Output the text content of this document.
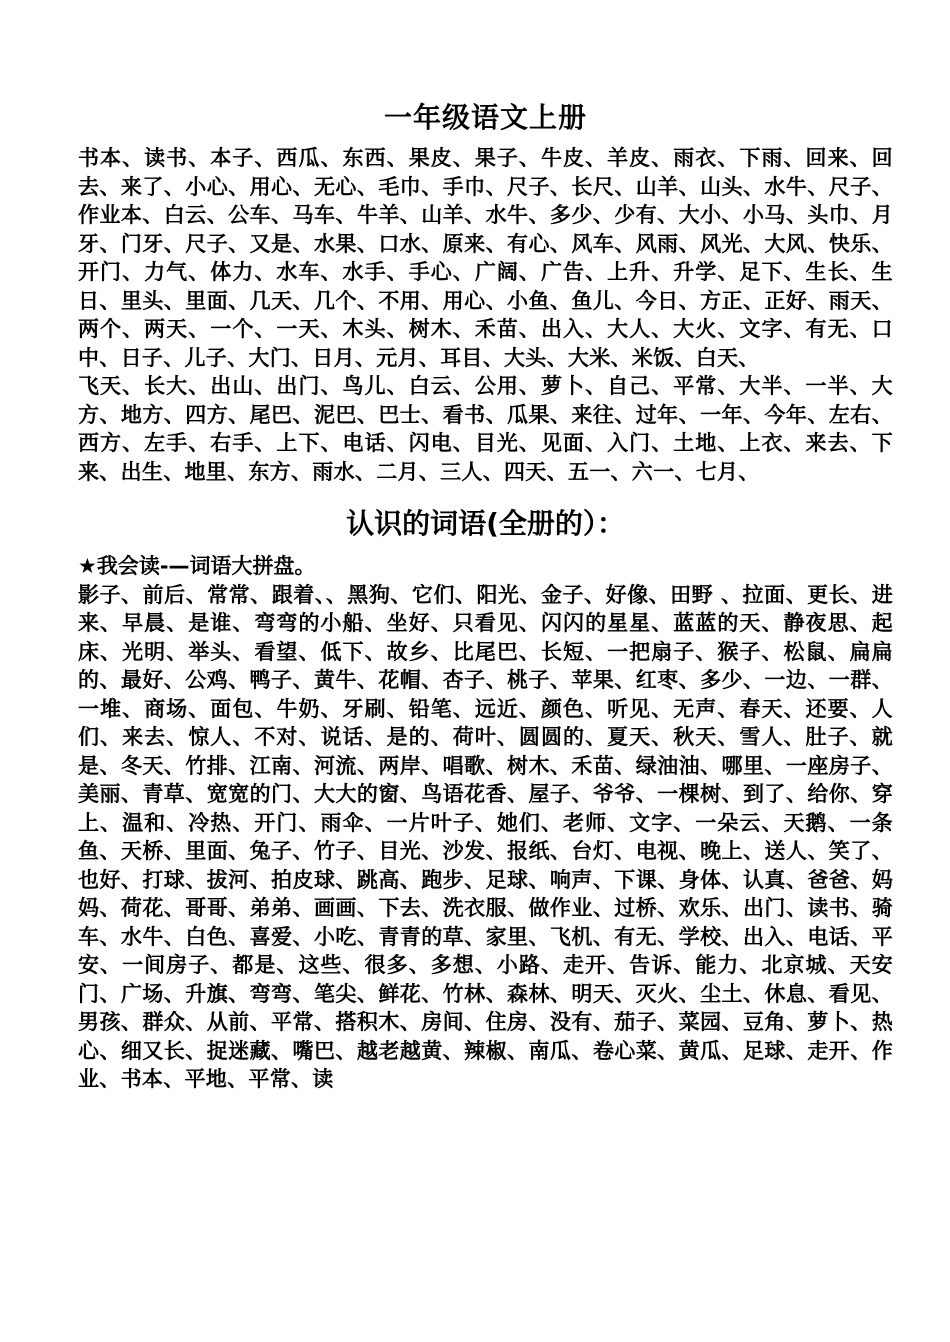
一年级语文上册

书本、读书、本子、西瓜、东西、果皮、果子、牛皮、羊皮、雨衣、下雨、回来、回去、来了、小心、用心、无心、毛巾、手巾、尺子、长尺、山羊、山头、水牛、尺子、作业本、白云、公车、马车、牛羊、山羊、水牛、多少、少有、大小、小马、头巾、月牙、门牙、尺子、又是、水果、口水、原来、有心、风车、风雨、风光、大风、快乐、开门、力气、体力、水车、水手、手心、广阔、广告、上升、升学、足下、生长、生日、里头、里面、几天、几个、不用、用心、小鱼、鱼儿、今日、方正、正好、雨天、两个、两天、一个、一天、木头、树木、禾苗、出入、大人、大火、文字、有无、口中、日子、儿子、大门、日月、元月、耳目、大头、大米、米饭、白天、

飞天、长大、出山、出门、鸟儿、白云、公用、萝卜、自己、平常、大半、一半、大方、地方、四方、尾巴、泥巴、巴士、看书、瓜果、来往、过年、一年、今年、左右、西方、左手、右手、上下、电话、闪电、目光、见面、入门、土地、上衣、来去、下来、出生、地里、东方、雨水、二月、三人、四天、五一、六一、七月、

认识的词语(全册的）：

★我会读-—词语大拼盘。

影子、前后、常常、跟着、、黑狗、它们、阳光、金子、好像、田野 、拉面、更长、进来、早晨、是谁、弯弯的小船、坐好、只看见、闪闪的星星、蓝蓝的天、静夜思、起床、光明、举头、看望、低下、故乡、比尾巴、长短、一把扇子、猴子、松鼠、扁扁的、最好、公鸡、鸭子、黄牛、花帽、杏子、桃子、苹果、红枣、多少、一边、一群、一堆、商场、面包、牛奶、牙刷、铅笔、远近、颜色、听见、无声、春天、还要、人们、来去、惊人、不对、说话、是的、荷叶、圆圆的、夏天、秋天、雪人、肚子、就是、冬天、竹排、江南、河流、两岸、唱歌、树木、禾苗、绿油油、哪里、一座房子、美丽、青草、宽宽的门、大大的窗、鸟语花香、屋子、爷爷、一棵树、到了、给你、穿上、温和、冷热、开门、雨伞、一片叶子、她们、老师、文字、一朵云、天鹅、一条鱼、天桥、里面、兔子、竹子、目光、沙发、报纸、台灯、电视、晚上、送人、笑了、也好、打球、拔河、拍皮球、跳高、跑步、足球、响声、下课、身体、认真、爸爸、妈妈、荷花、哥哥、弟弟、画画、下去、洗衣服、做作业、过桥、欢乐、出门、读书、骑车、水牛、白色、喜爱、小吃、青青的草、家里、飞机、有无、学校、出入、电话、平安、一间房子、都是、这些、很多、多想、小路、走开、告诉、能力、北京城、天安门、广场、升旗、弯弯、笔尖、鲜花、竹林、森林、明天、灭火、尘土、休息、看见、男孩、群众、从前、平常、搭积木、房间、住房、没有、茄子、菜园、豆角、萝卜、热心、细又长、捉迷藏、嘴巴、越老越黄、辣椒、南瓜、卷心菜、黄瓜、足球、走开、作业、书本、平地、平常、读
